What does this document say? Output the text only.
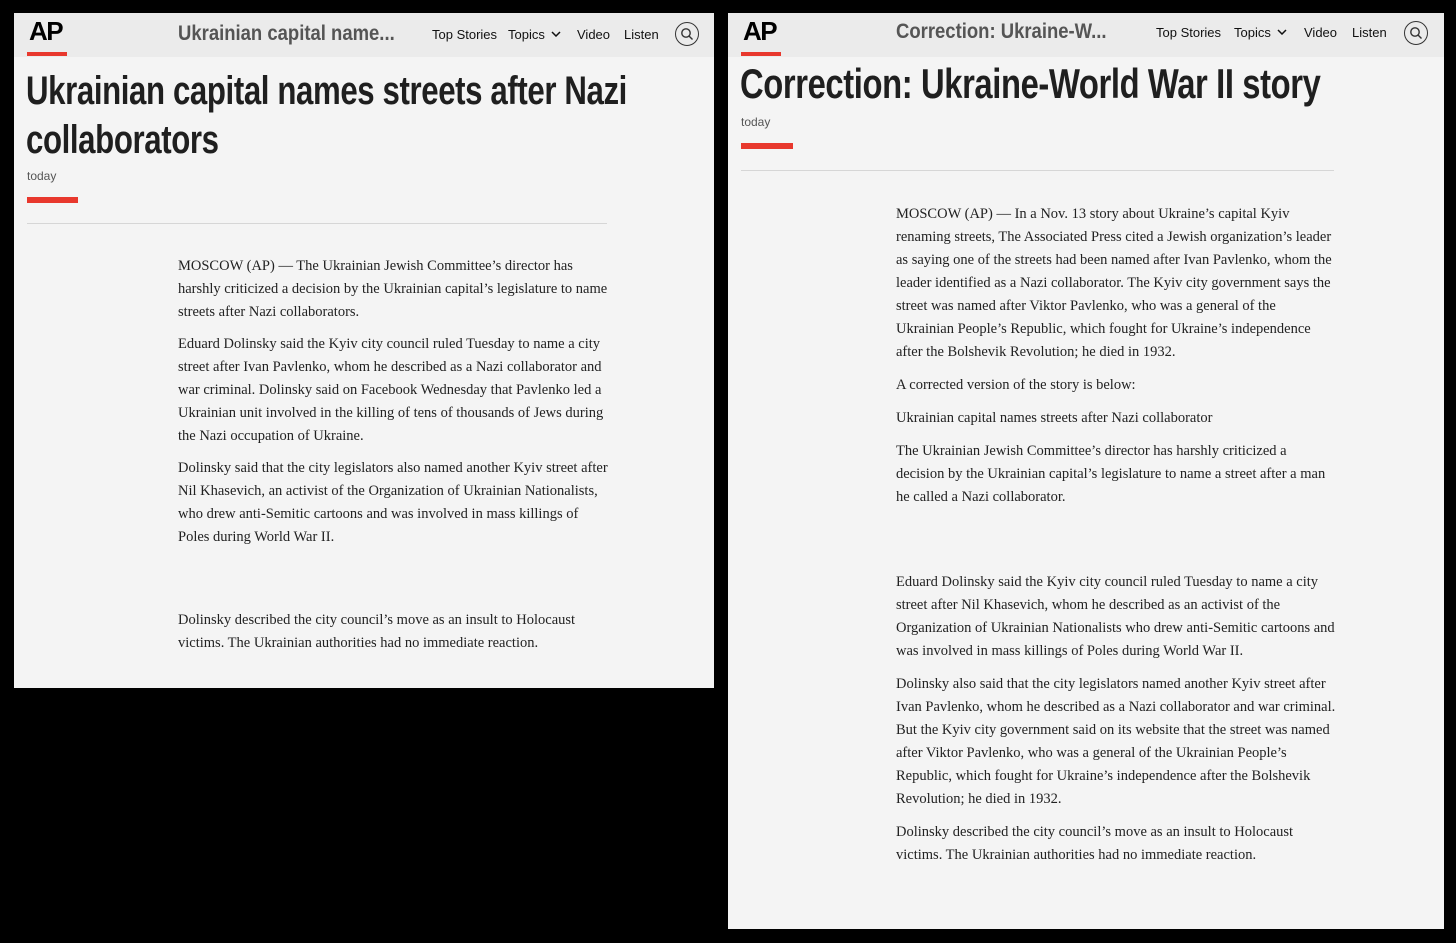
AP	Ukrainian capital name...	Top Stories Topics	Video Listen
Ukrainian capital names streets after Nazi
collaborators
today

MOSCOW (AP) — The Ukrainian Jewish Committee’s director has harshly criticized a decision by the Ukrainian capital’s legislature to name streets after Nazi collaborators.

Eduard Dolinsky said the Kyiv city council ruled Tuesday to name a city street after Ivan Pavlenko, whom he described as a Nazi collaborator and war criminal. Dolinsky said on Facebook Wednesday that Pavlenko led a Ukrainian unit involved in the killing of tens of thousands of Jews during the Nazi occupation of Ukraine.

Dolinsky said that the city legislators also named another Kyiv street after Nil Khasevich, an activist of the Organization of Ukrainian Nationalists, who drew anti-Semitic cartoons and was involved in mass killings of Poles during World War II.

Dolinsky described the city council’s move as an insult to Holocaust victims. The Ukrainian authorities had no immediate reaction.

AP	Correction: Ukraine-W...	Top Stories Topics	Video Listen
Correction: Ukraine-World War II story
today

MOSCOW (AP) — In a Nov. 13 story about Ukraine’s capital Kyiv renaming streets, The Associated Press cited a Jewish organization’s leader as saying one of the streets had been named after Ivan Pavlenko, whom the leader identified as a Nazi collaborator. The Kyiv city government says the street was named after Viktor Pavlenko, who was a general of the Ukrainian People’s Republic, which fought for Ukraine’s independence after the Bolshevik Revolution; he died in 1932.

A corrected version of the story is below:

Ukrainian capital names streets after Nazi collaborator

The Ukrainian Jewish Committee’s director has harshly criticized a decision by the Ukrainian capital’s legislature to name a street after a man he called a Nazi collaborator.

Eduard Dolinsky said the Kyiv city council ruled Tuesday to name a city street after Nil Khasevich, whom he described as an activist of the Organization of Ukrainian Nationalists who drew anti-Semitic cartoons and was involved in mass killings of Poles during World War II.

Dolinsky also said that the city legislators named another Kyiv street after Ivan Pavlenko, whom he described as a Nazi collaborator and war criminal. But the Kyiv city government said on its website that the street was named after Viktor Pavlenko, who was a general of the Ukrainian People’s Republic, which fought for Ukraine’s independence after the Bolshevik Revolution; he died in 1932.

Dolinsky described the city council’s move as an insult to Holocaust victims. The Ukrainian authorities had no immediate reaction.
